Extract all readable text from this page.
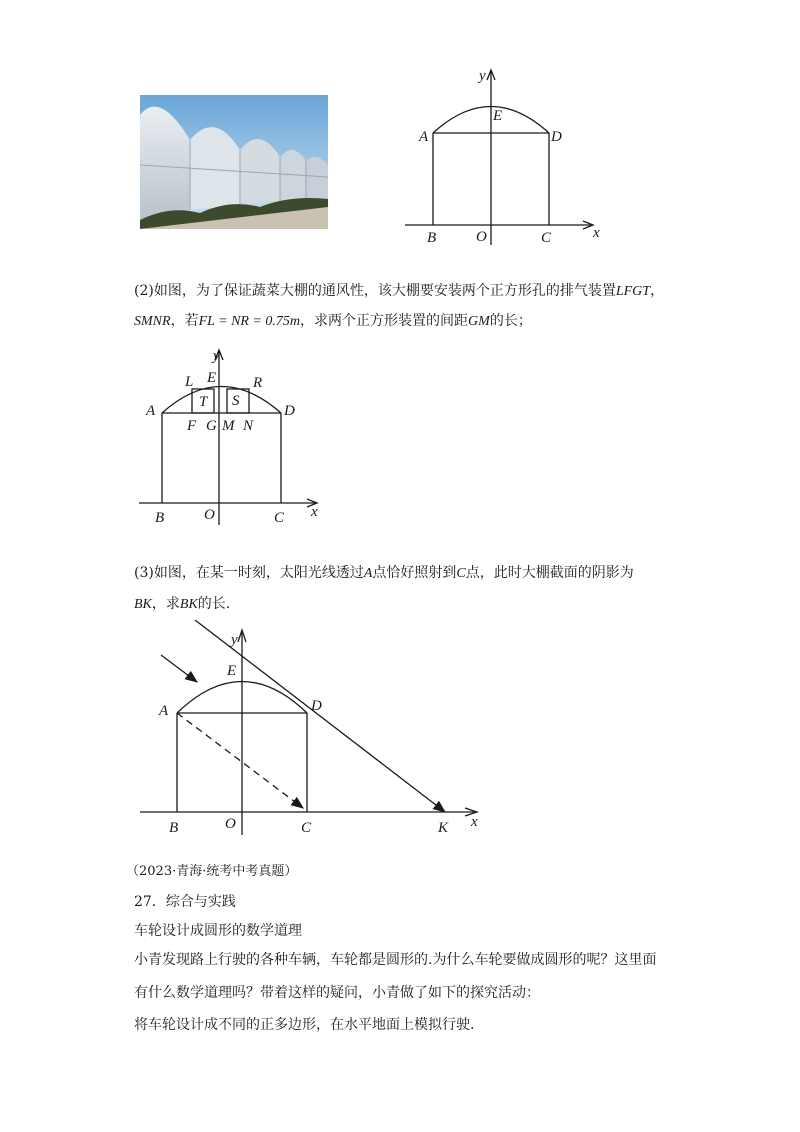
y
x
A	D
E
B	O	C
(2)如图，为了保证蔬菜大棚的通风性，该大棚要安装两个正方形孔的排气装置LFGT，
SMNR，若FL = NR = 0.75m，求两个正方形装置的间距GM的长；
y
x
L E R
A	D
T S
F G M N
B	O	C
(3)如图，在某一时刻，太阳光线透过A点恰好照射到C点，此时大棚截面的阴影为
BK，求BK的长.
y
x
E
A	D
B	O	C	K
（2023·青海·统考中考真题）
27．综合与实践
车轮设计成圆形的数学道理
小青发现路上行驶的各种车辆，车轮都是圆形的.为什么车轮要做成圆形的呢？这里面
有什么数学道理吗？带着这样的疑问，小青做了如下的探究活动：
将车轮设计成不同的正多边形，在水平地面上模拟行驶.
